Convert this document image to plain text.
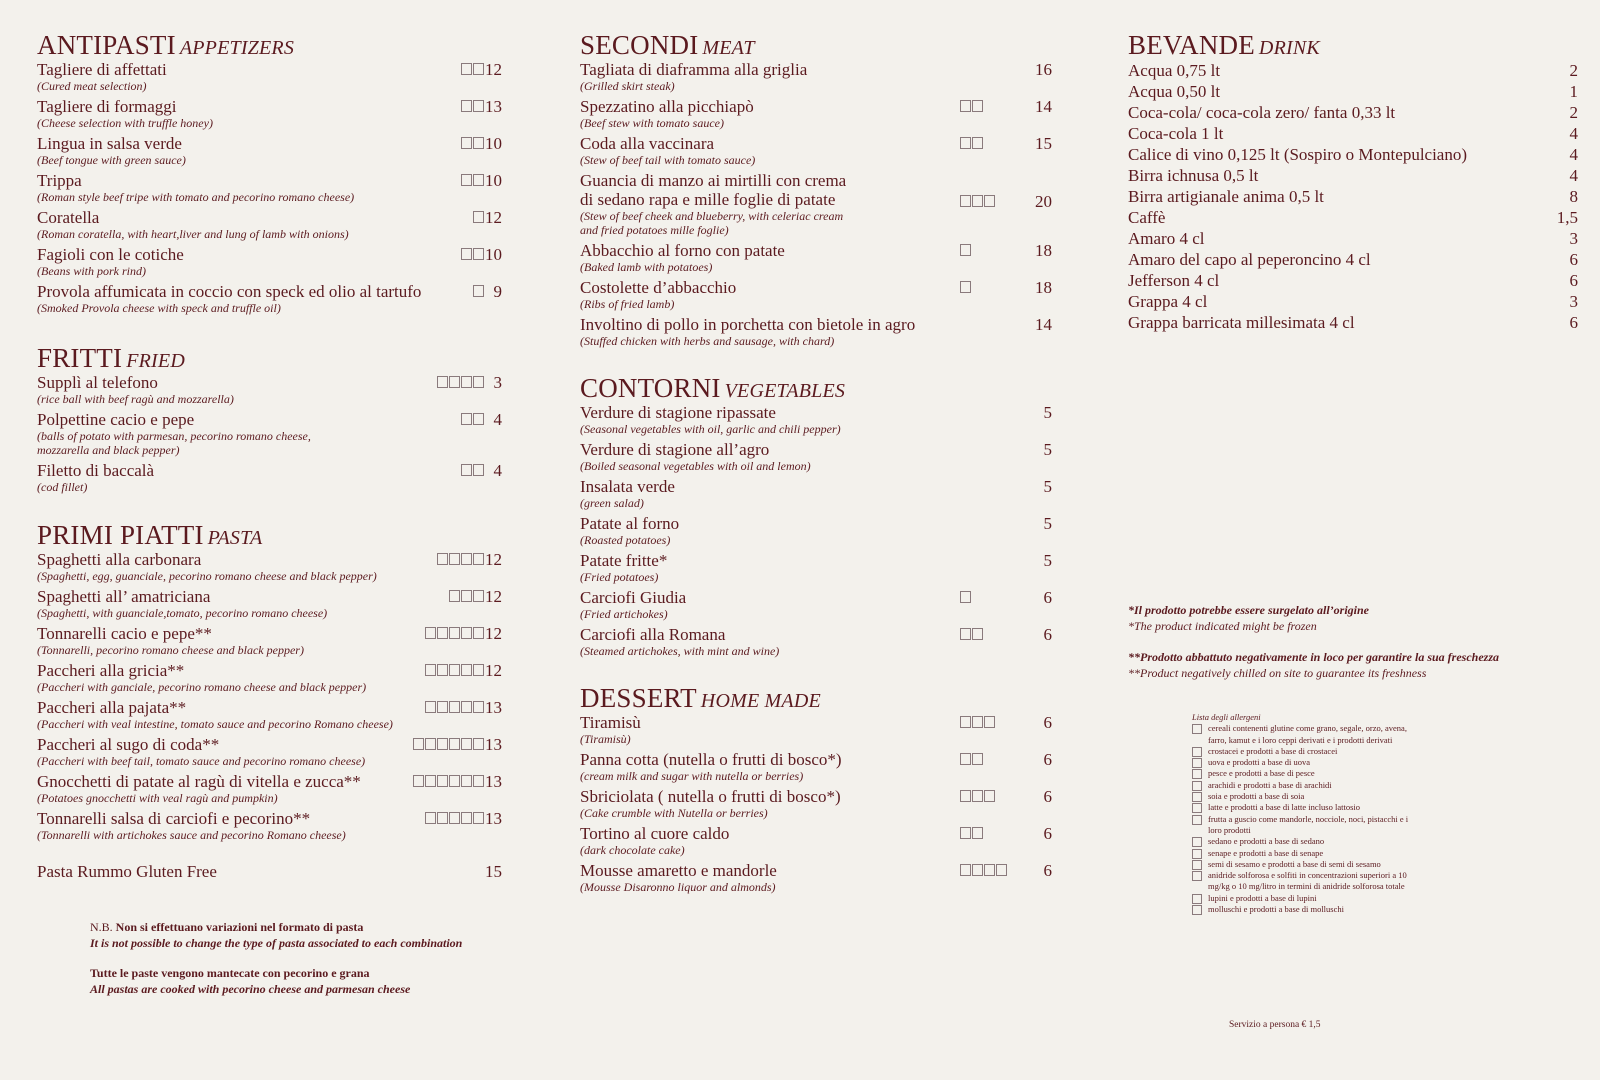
ANTIPASTI APPETIZERS
Tagliere di affettati
(Cured meat selection)
12
Tagliere di formaggi
(Cheese selection with truffle honey)
13
Lingua in salsa verde
(Beef tongue with green sauce)
10
Trippa
(Roman style beef tripe with tomato and pecorino romano cheese)
10
Coratella
(Roman coratella, with heart,liver and lung of lamb with onions)
12
Fagioli con le cotiche
(Beans with pork rind)
10
Provola affumicata in coccio con speck ed olio al tartufo
(Smoked Provola cheese with speck and truffle oil)
9
FRITTI FRIED
Supplì al telefono
(rice ball with beef ragù and mozzarella)
3
Polpettine cacio e pepe
(balls of potato with parmesan, pecorino romano cheese,
mozzarella and black pepper)
4
Filetto di baccalà
(cod fillet)
4
PRIMI PIATTI PASTA
Spaghetti alla carbonara
(Spaghetti, egg, guanciale, pecorino romano cheese and black pepper)
12
Spaghetti all’ amatriciana
(Spaghetti, with guanciale,tomato, pecorino romano cheese)
12
Tonnarelli cacio e pepe**
(Tonnarelli, pecorino romano cheese and black pepper)
12
Paccheri alla gricia**
(Paccheri with ganciale, pecorino romano cheese and black pepper)
12
Paccheri alla pajata**
(Paccheri with veal intestine, tomato sauce and pecorino Romano cheese)
13
Paccheri al sugo di coda**
(Paccheri with beef tail, tomato sauce and pecorino romano cheese)
13
Gnocchetti di patate al ragù di vitella e zucca**
(Potatoes gnocchetti with veal ragù and pumpkin)
13
Tonnarelli salsa di carciofi e pecorino**
(Tonnarelli with artichokes sauce and pecorino Romano cheese)
13
Pasta Rummo Gluten Free	15
N.B. Non si effettuano variazioni nel formato di pasta
It is not possible to change the type of pasta associated to each combination
Tutte le paste vengono mantecate con pecorino e grana
All pastas are cooked with pecorino cheese and parmesan cheese
SECONDI MEAT
Tagliata di diaframma alla griglia
(Grilled skirt steak)
16
Spezzatino alla picchiapò
(Beef stew with tomato sauce)
14
Coda alla vaccinara
(Stew of beef tail with tomato sauce)
15
Guancia di manzo ai mirtilli con crema
di sedano rapa e mille foglie di patate
(Stew of beef cheek and blueberry, with celeriac cream
and fried potatoes mille foglie)
20
Abbacchio al forno con patate
(Baked lamb with potatoes)
18
Costolette d’abbacchio
(Ribs of fried lamb)
18
Involtino di pollo in porchetta con bietole in agro
(Stuffed chicken with herbs and sausage, with chard)
14
CONTORNI VEGETABLES
Verdure di stagione ripassate
(Seasonal vegetables with oil, garlic and chili pepper)
5
Verdure di stagione all’agro
(Boiled seasonal vegetables with oil and lemon)
5
Insalata verde
(green salad)
5
Patate al forno
(Roasted potatoes)
5
Patate fritte*
(Fried potatoes)
5
Carciofi Giudia
(Fried artichokes)
6
Carciofi alla Romana
(Steamed artichokes, with mint and wine)
6
DESSERT HOME MADE
Tiramisù
(Tiramisù)
6
Panna cotta (nutella o frutti di bosco*)
(cream milk and sugar with nutella or berries)
6
Sbriciolata ( nutella o frutti di bosco*)
(Cake crumble with Nutella or berries)
6
Tortino al cuore caldo
(dark chocolate cake)
6
Mousse amaretto e mandorle
(Mousse Disaronno liquor and almonds)
6
BEVANDE DRINK
Acqua 0,75 lt	2
Acqua 0,50 lt	1
Coca-cola/ coca-cola zero/ fanta 0,33 lt	2
Coca-cola 1 lt	4
Calice di vino 0,125 lt (Sospiro o Montepulciano)	4
Birra ichnusa 0,5 lt	4
Birra artigianale anima 0,5 lt	8
Caffè	1,5
Amaro 4 cl	3
Amaro del capo al peperoncino 4 cl	6
Jefferson 4 cl	6
Grappa 4 cl	3
Grappa barricata millesimata 4 cl	6
*Il prodotto potrebbe essere surgelato all’origine
*The product indicated might be frozen
**Prodotto abbattuto negativamente in loco per garantire la sua freschezza
**Product negatively chilled on site to guarantee its freshness
Lista degli allergeni
cereali contenenti glutine come grano, segale, orzo, avena,
farro, kamut e i loro ceppi derivati e i prodotti derivati
crostacei e prodotti a base di crostacei
uova e prodotti a base di uova
pesce e prodotti a base di pesce
arachidi e prodotti a base di arachidi
soia e prodotti a base di soia
latte e prodotti a base di latte incluso lattosio
frutta a guscio come mandorle, nocciole, noci, pistacchi e i
loro prodotti
sedano e prodotti a base di sedano
senape e prodotti a base di senape
semi di sesamo e prodotti a base di semi di sesamo
anidride solforosa e solfiti in concentrazioni superiori a 10
mg/kg o 10 mg/litro in termini di anidride solforosa totale
lupini e prodotti a base di lupini
molluschi e prodotti a base di molluschi
Servizio a persona € 1,5
